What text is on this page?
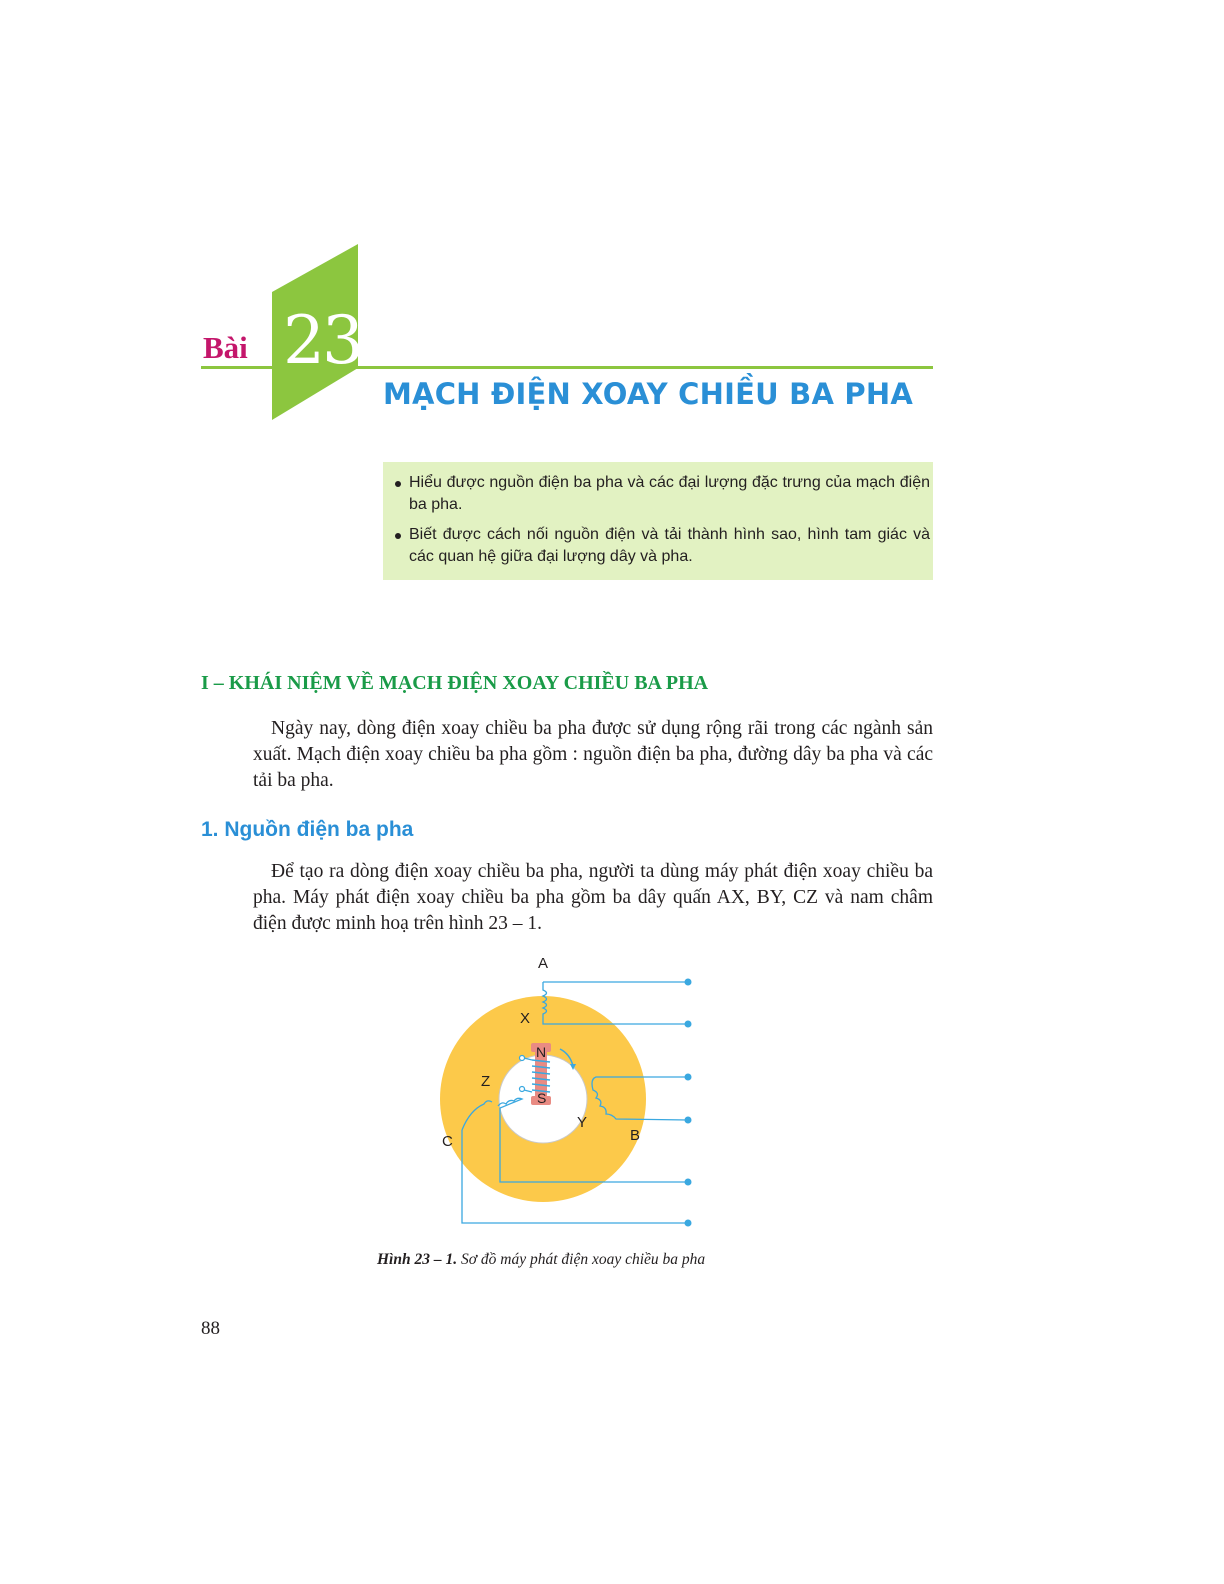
Bài 23
MẠCH ĐIỆN XOAY CHIỀU BA PHA
Hiểu được nguồn điện ba pha và các đại lượng đặc trưng của mạch điện ba pha.
Biết được cách nối nguồn điện và tải thành hình sao, hình tam giác và các quan hệ giữa đại lượng dây và pha.
I – KHÁI NIỆM VỀ MẠCH ĐIỆN XOAY CHIỀU BA PHA
Ngày nay, dòng điện xoay chiều ba pha được sử dụng rộng rãi trong các ngành sản xuất. Mạch điện xoay chiều ba pha gồm : nguồn điện ba pha, đường dây ba pha và các tải ba pha.
1. Nguồn điện ba pha
Để tạo ra dòng điện xoay chiều ba pha, người ta dùng máy phát điện xoay chiều ba pha. Máy phát điện xoay chiều ba pha gồm ba dây quấn AX, BY, CZ và nam châm điện được minh hoạ trên hình 23 – 1.
A
X
Z
Y
B
C
N
S
Hình 23 – 1. Sơ đồ máy phát điện xoay chiều ba pha
88
